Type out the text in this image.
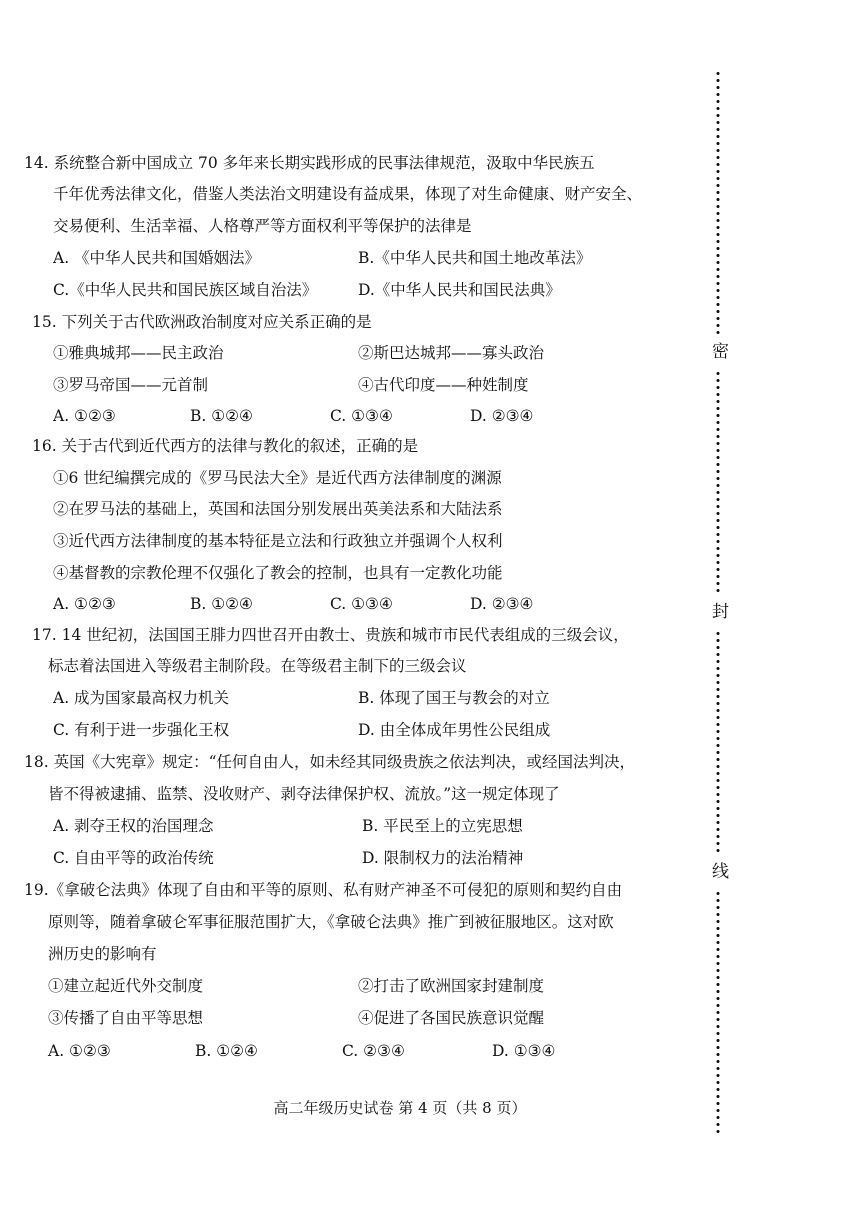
14. 系统整合新中国成立 70 多年来长期实践形成的民事法律规范，汲取中华民族五
千年优秀法律文化，借鉴人类法治文明建设有益成果，体现了对生命健康、财产安全、
交易便利、生活幸福、人格尊严等方面权利平等保护的法律是
A. 《中华人民共和国婚姻法》	B.《中华人民共和国土地改革法》
C.《中华人民共和国民族区域自治法》	D.《中华人民共和国民法典》
15. 下列关于古代欧洲政治制度对应关系正确的是
①雅典城邦——民主政治	②斯巴达城邦——寡头政治
③罗马帝国——元首制	④古代印度——种姓制度
A. ①②③	B. ①②④	C. ①③④	D. ②③④
16. 关于古代到近代西方的法律与教化的叙述，正确的是
①6 世纪编撰完成的《罗马民法大全》是近代西方法律制度的渊源
②在罗马法的基础上，英国和法国分别发展出英美法系和大陆法系
③近代西方法律制度的基本特征是立法和行政独立并强调个人权利
④基督教的宗教伦理不仅强化了教会的控制，也具有一定教化功能
A. ①②③	B. ①②④	C. ①③④	D. ②③④
17. 14 世纪初，法国国王腓力四世召开由教士、贵族和城市市民代表组成的三级会议，
标志着法国进入等级君主制阶段。在等级君主制下的三级会议
A. 成为国家最高权力机关	B. 体现了国王与教会的对立
C. 有利于进一步强化王权	D. 由全体成年男性公民组成
18. 英国《大宪章》规定：“任何自由人，如未经其同级贵族之依法判决，或经国法判决，
皆不得被逮捕、监禁、没收财产、剥夺法律保护权、流放。”这一规定体现了
A. 剥夺王权的治国理念	B. 平民至上的立宪思想
C. 自由平等的政治传统	D. 限制权力的法治精神
19.《拿破仑法典》体现了自由和平等的原则、私有财产神圣不可侵犯的原则和契约自由
原则等，随着拿破仑军事征服范围扩大，《拿破仑法典》推广到被征服地区。这对欧
洲历史的影响有
①建立起近代外交制度	②打击了欧洲国家封建制度
③传播了自由平等思想	④促进了各国民族意识觉醒
A. ①②③	B. ①②④	C. ②③④	D. ①③④
高二年级历史试卷 第 4 页（共 8 页）
密
封
线
